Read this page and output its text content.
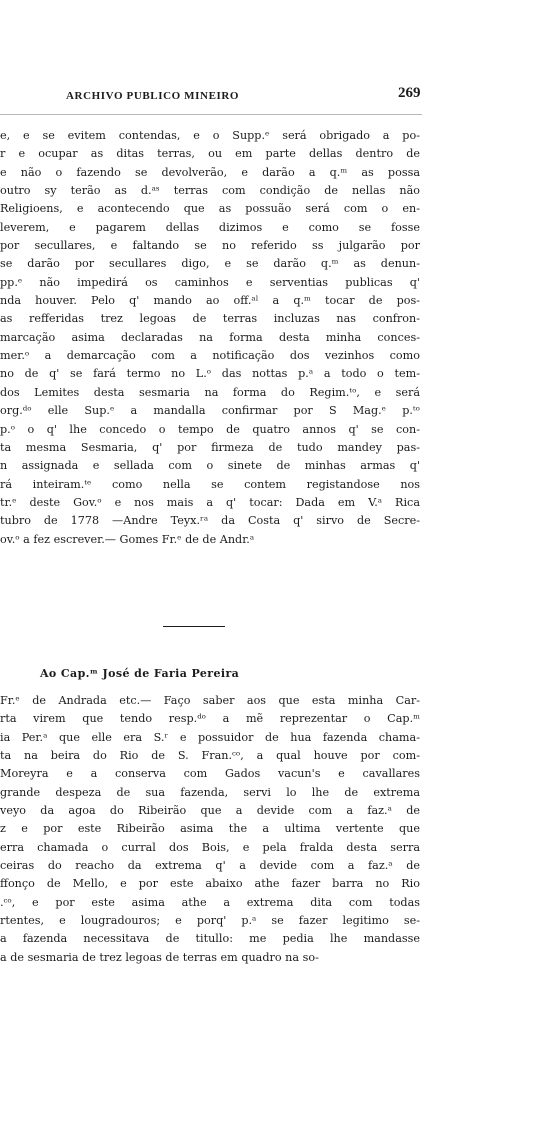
ARCHIVO PUBLICO MINEIRO	269
e, e se evitem contendas, e o Supp.ᵉ será obrigado a po-
r e ocupar as ditas terras, ou em parte dellas dentro de
e não o fazendo se devolverão, e darão a q.ᵐ as possa
outro sy terão as d.ᵃˢ terras com condição de nellas não
Religioens, e acontecendo que as possuão será com o en-
leverem, e pagarem dellas dizimos e como se fosse
por secullares, e faltando se no referido ss julgarão por
se darão por secullares digo, e se darão q.ᵐ as denun-
pp.ᵉ não impedirá os caminhos e serventias publicas q'
nda houver. Pelo q' mando ao off.ᵃˡ a q.ᵐ tocar de pos-
as refferidas trez legoas de terras incluzas nas confron-
marcação asima declaradas na forma desta minha conces-
mer.ᵒ a demarcação com a notificação dos vezinhos como
no de q' se fará termo no L.ᵒ das nottas p.ᵃ a todo o tem-
dos Lemites desta sesmaria na forma do Regim.ᵗᵒ, e será
org.ᵈᵒ elle Sup.ᵉ a mandalla confirmar por S Mag.ᵉ p.ᵗᵒ
p.ᵒ o q' lhe concedo o tempo de quatro annos q' se con-
ta mesma Sesmaria, q' por firmeza de tudo mandey pas-
n assignada e sellada com o sinete de minhas armas q'
rá inteiram.ᵗᵉ como nella se contem registandose nos
tr.ᵉ deste Gov.ᵒ e nos mais a q' tocar: Dada em V.ᵃ Rica
tubro de 1778 —Andre Teyx.ʳᵃ da Costa q' sirvo de Secre-
ov.ᵒ a fez escrever.— Gomes Fr.ᵉ de de Andr.ᵃ
Ao Cap.ᵐ José de Faria Pereira
Fr.ᵉ de Andrada etc.— Faço saber aos que esta minha Car-
rta virem que tendo resp.ᵈᵒ a mẽ reprezentar o Cap.ᵐ
ia Per.ᵃ que elle era S.ʳ e possuidor de hua fazenda chama-
ta na beira do Rio de S. Fran.ᶜᵒ, a qual houve por com-
Moreyra e a conserva com Gados vacun's e cavallares
grande despeza de sua fazenda, servi lo lhe de extrema
veyo da agoa do Ribeirão que a devide com a faz.ᵃ de
z e por este Ribeirão asima the a ultima vertente que
erra chamada o curral dos Bois, e pela fralda desta serra
ceiras do reacho da extrema q' a devide com a faz.ᵃ de
ffonço de Mello, e por este abaixo athe fazer barra no Rio
.ᶜᵒ, e por este asima athe a extrema dita com todas
rtentes, e lougradouros; e porq' p.ᵃ se fazer legitimo se-
a fazenda necessitava de titullo: me pedia lhe mandasse
a de sesmaria de trez legoas de terras em quadro na so-
